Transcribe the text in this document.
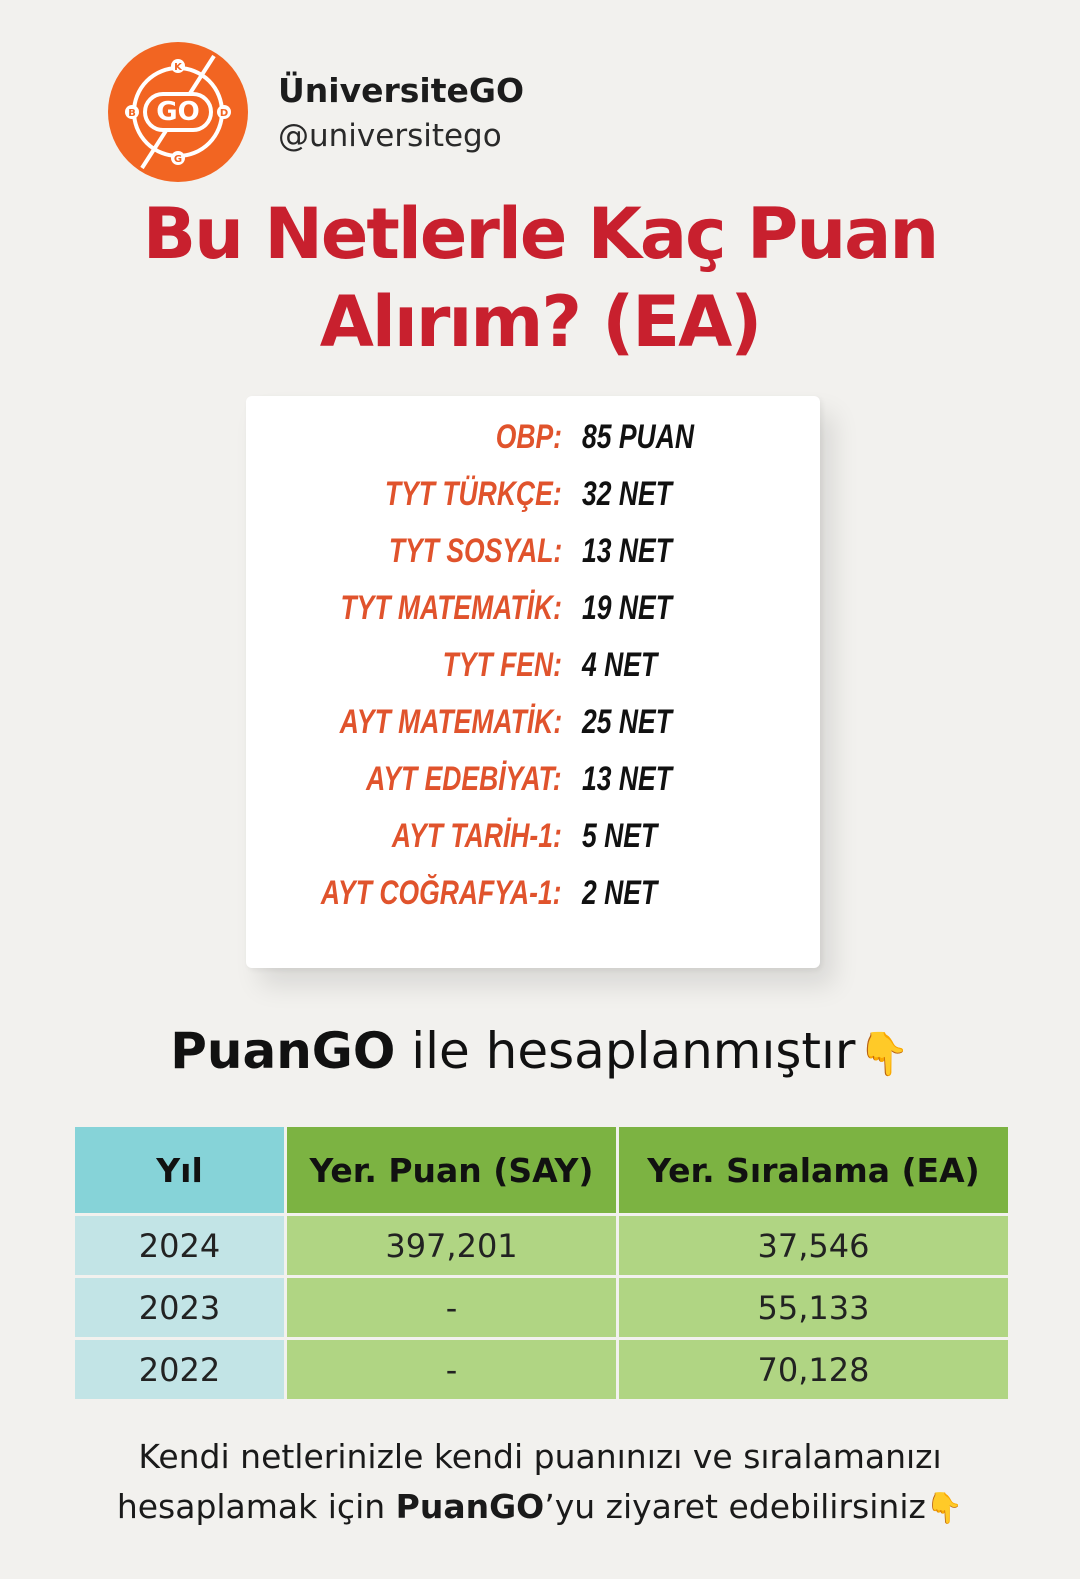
GO
K
D
G
B
ÜniversiteGO
@universitego
Bu Netlerle Kaç Puan
Alırım? (EA)
OBP: 85 PUAN
TYT TÜRKÇE: 32 NET
TYT SOSYAL: 13 NET
TYT MATEMATİK: 19 NET
TYT FEN: 4 NET
AYT MATEMATİK: 25 NET
AYT EDEBİYAT: 13 NET
AYT TARİH-1: 5 NET
AYT COĞRAFYA-1: 2 NET
PuanGO ile hesaplanmıştır👇
Yıl	Yer. Puan (SAY)	Yer. Sıralama (EA)
2024	397,201	37,546
2023	-	55,133
2022	-	70,128
Kendi netlerinizle kendi puanınızı ve sıralamanızı
hesaplamak için PuanGO’yu ziyaret edebilirsiniz👇
